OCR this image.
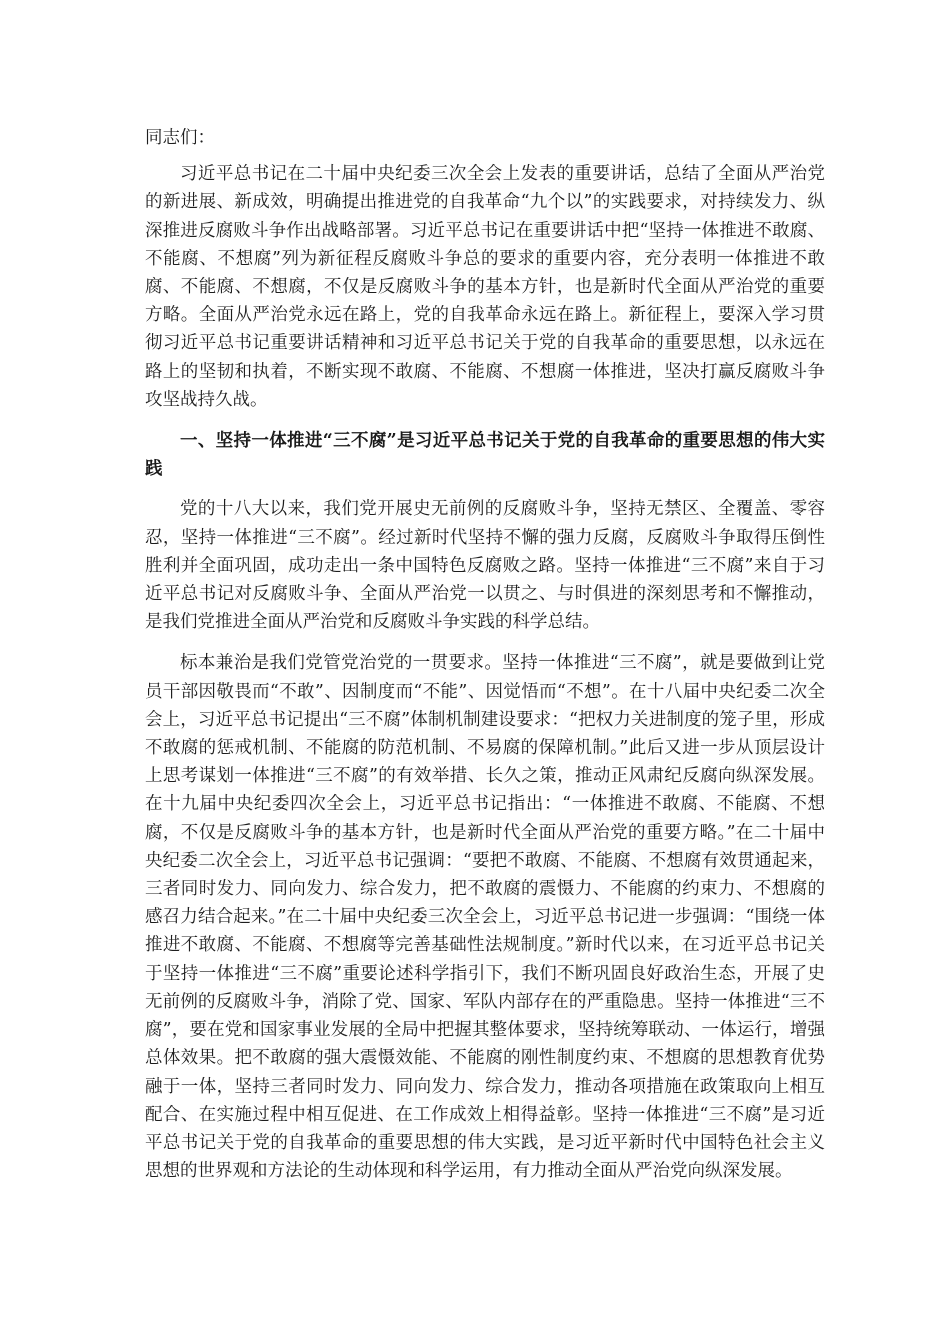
同志们：

习近平总书记在二十届中央纪委三次全会上发表的重要讲话，总结了全面从严治党的新进展、新成效，明确提出推进党的自我革命“九个以”的实践要求，对持续发力、纵深推进反腐败斗争作出战略部署。习近平总书记在重要讲话中把“坚持一体推进不敢腐、不能腐、不想腐”列为新征程反腐败斗争总的要求的重要内容，充分表明一体推进不敢腐、不能腐、不想腐，不仅是反腐败斗争的基本方针，也是新时代全面从严治党的重要方略。全面从严治党永远在路上，党的自我革命永远在路上。新征程上，要深入学习贯彻习近平总书记重要讲话精神和习近平总书记关于党的自我革命的重要思想，以永远在路上的坚韧和执着，不断实现不敢腐、不能腐、不想腐一体推进，坚决打赢反腐败斗争攻坚战持久战。

一、坚持一体推进“三不腐”是习近平总书记关于党的自我革命的重要思想的伟大实践

党的十八大以来，我们党开展史无前例的反腐败斗争，坚持无禁区、全覆盖、零容忍，坚持一体推进“三不腐”。经过新时代坚持不懈的强力反腐，反腐败斗争取得压倒性胜利并全面巩固，成功走出一条中国特色反腐败之路。坚持一体推进“三不腐”来自于习近平总书记对反腐败斗争、全面从严治党一以贯之、与时俱进的深刻思考和不懈推动，是我们党推进全面从严治党和反腐败斗争实践的科学总结。

标本兼治是我们党管党治党的一贯要求。坚持一体推进“三不腐”，就是要做到让党员干部因敬畏而“不敢”、因制度而“不能”、因觉悟而“不想”。在十八届中央纪委二次全会上，习近平总书记提出“三不腐”体制机制建设要求：“把权力关进制度的笼子里，形成不敢腐的惩戒机制、不能腐的防范机制、不易腐的保障机制。”此后又进一步从顶层设计上思考谋划一体推进“三不腐”的有效举措、长久之策，推动正风肃纪反腐向纵深发展。在十九届中央纪委四次全会上，习近平总书记指出：“一体推进不敢腐、不能腐、不想腐，不仅是反腐败斗争的基本方针，也是新时代全面从严治党的重要方略。”在二十届中央纪委二次全会上，习近平总书记强调：“要把不敢腐、不能腐、不想腐有效贯通起来，三者同时发力、同向发力、综合发力，把不敢腐的震慑力、不能腐的约束力、不想腐的感召力结合起来。”在二十届中央纪委三次全会上，习近平总书记进一步强调：“围绕一体推进不敢腐、不能腐、不想腐等完善基础性法规制度。”新时代以来，在习近平总书记关于坚持一体推进“三不腐”重要论述科学指引下，我们不断巩固良好政治生态，开展了史无前例的反腐败斗争，消除了党、国家、军队内部存在的严重隐患。坚持一体推进“三不腐”，要在党和国家事业发展的全局中把握其整体要求，坚持统筹联动、一体运行，增强总体效果。把不敢腐的强大震慑效能、不能腐的刚性制度约束、不想腐的思想教育优势融于一体，坚持三者同时发力、同向发力、综合发力，推动各项措施在政策取向上相互配合、在实施过程中相互促进、在工作成效上相得益彰。坚持一体推进“三不腐”是习近平总书记关于党的自我革命的重要思想的伟大实践，是习近平新时代中国特色社会主义思想的世界观和方法论的生动体现和科学运用，有力推动全面从严治党向纵深发展。
